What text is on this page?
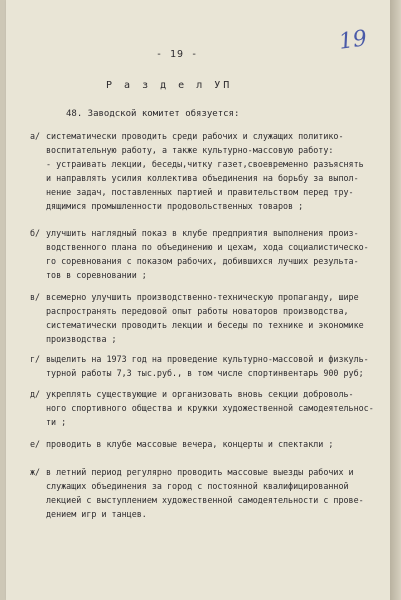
- 19 -	19
Р а з д е л УП
48. Заводской комитет обязуется:
а/ систематически проводить среди рабочих и служащих политико-
воспитательную работу, а также культурно-массовую работу:
- устраивать лекции, беседы,читку газет,своевременно разъяснять
и направлять усилия коллектива объединения на борьбу за выпол-
нение задач, поставленных партией и правительством перед тру-
дящимися промышленности продовольственных товаров ;
б/ улучшить наглядный показ в клубе предприятия выполнения произ-
водственного плана по объединению и цехам, хода социалистическо-
го соревнования с показом рабочих, добившихся лучших результа-
тов в соревновании ;
в/ всемерно улучшить производственно-техническую пропаганду, шире
распространять передовой опыт работы новаторов производства,
систематически проводить лекции и беседы по технике и экономике
производства ;
г/ выделить на 1973 год на проведение культурно-массовой и физкуль-
турной работы 7,3 тыс.руб., в том числе спортинвентарь 900 руб;
д/ укреплять существующие и организовать вновь секции доброволь-
ного спортивного общества и кружки художественной самодеятельнос-
ти ;
е/ проводить в клубе массовые вечера, концерты и спектакли ;
ж/ в летний период регулярно проводить массовые выезды рабочих и
служащих объединения за город с постоянной квалифицированной
лекцией с выступлением художественной самодеятельности с прове-
дением игр и танцев.
